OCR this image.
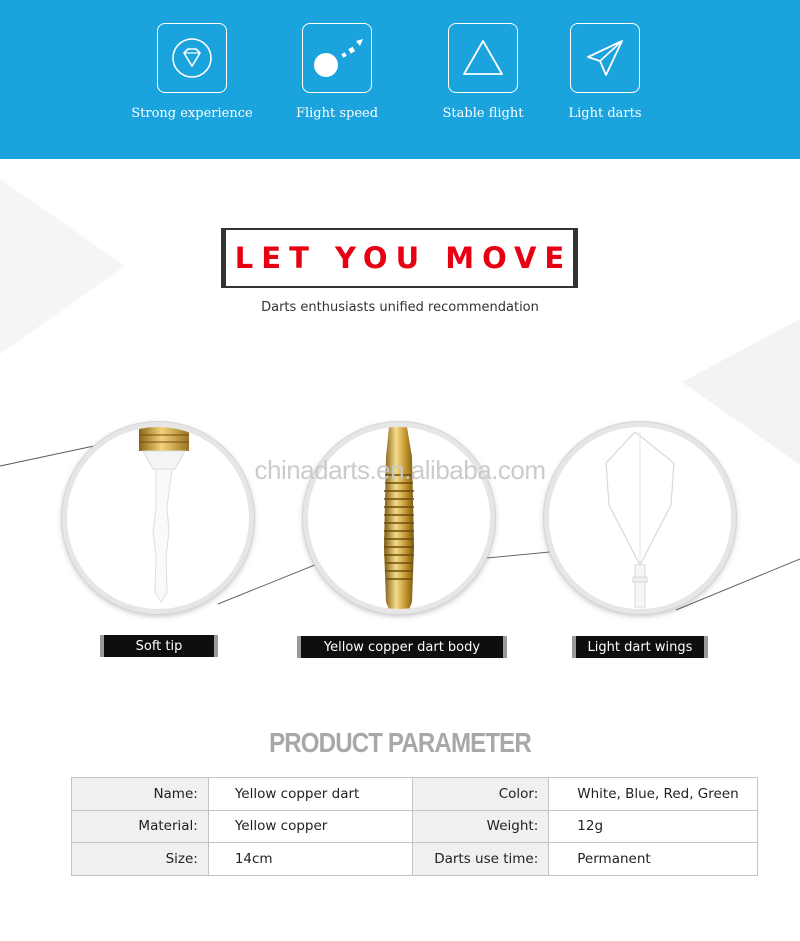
Strong experience	Flight speed	Stable flight	Light darts
LET YOU MOVE
Darts enthusiasts unified recommendation
chinadarts.en.alibaba.com
Soft tip	Yellow copper dart body	Light dart wings
PRODUCT PARAMETER
Name:	Yellow copper dart	Color:	White, Blue, Red, Green
Material:	Yellow copper	Weight:	12g
Size:	14cm	Darts use time:	Permanent
